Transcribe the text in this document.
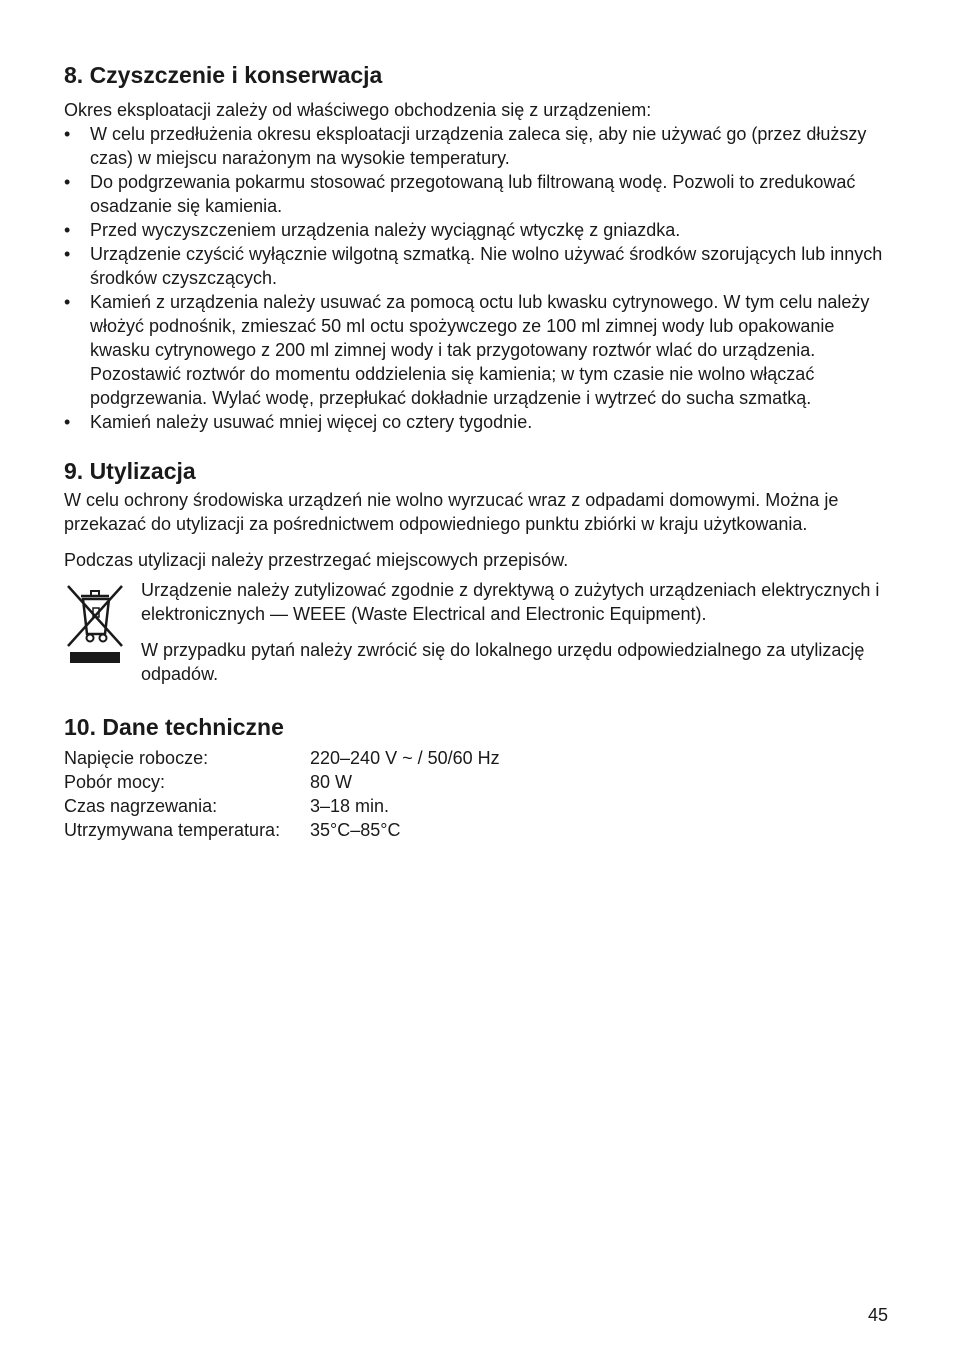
8. Czyszczenie i konserwacja

Okres eksploatacji zależy od właściwego obchodzenia się z urządzeniem:

•	W celu przedłużenia okresu eksploatacji urządzenia zaleca się, aby nie używać go (przez dłuższy czas) w miejscu narażonym na wysokie temperatury.
•	Do podgrzewania pokarmu stosować przegotowaną lub filtrowaną wodę. Pozwoli to zredukować osadzanie się kamienia.
•	Przed wyczyszczeniem urządzenia należy wyciągnąć wtyczkę z gniazdka.
•	Urządzenie czyścić wyłącznie wilgotną szmatką. Nie wolno używać środków szorujących lub innych środków czyszczących.
•	Kamień z urządzenia należy usuwać za pomocą octu lub kwasku cytrynowego. W tym celu należy włożyć podnośnik, zmieszać 50 ml octu spożywczego ze 100 ml zimnej wody lub opakowanie kwasku cytrynowego z 200 ml zimnej wody i tak przygotowany roztwór wlać do urządzenia. Pozostawić roztwór do momentu oddzielenia się kamienia; w tym czasie nie wolno włączać podgrzewania. Wylać wodę, przepłukać dokładnie urządzenie i wytrzeć do sucha szmatką.
•	Kamień należy usuwać mniej więcej co cztery tygodnie.
9. Utylizacja

W celu ochrony środowiska urządzeń nie wolno wyrzucać wraz z odpadami domowymi. Można je przekazać do utylizacji za pośrednictwem odpowiedniego punktu zbiórki w kraju użytkowania.

Podczas utylizacji należy przestrzegać miejscowych przepisów.

Urządzenie należy zutylizować zgodnie z dyrektywą o zużytych urządzeniach elektrycznych i elektronicznych — WEEE (Waste Electrical and Electronic Equipment).

W przypadku pytań należy zwrócić się do lokalnego urzędu odpowiedzialnego za utylizację odpadów.

10. Dane techniczne
Napięcie robocze:	220–240 V ~ / 50/60 Hz
Pobór mocy:	80 W
Czas nagrzewania:	3–18 min.
Utrzymywana temperatura:	35°C–85°C
45
